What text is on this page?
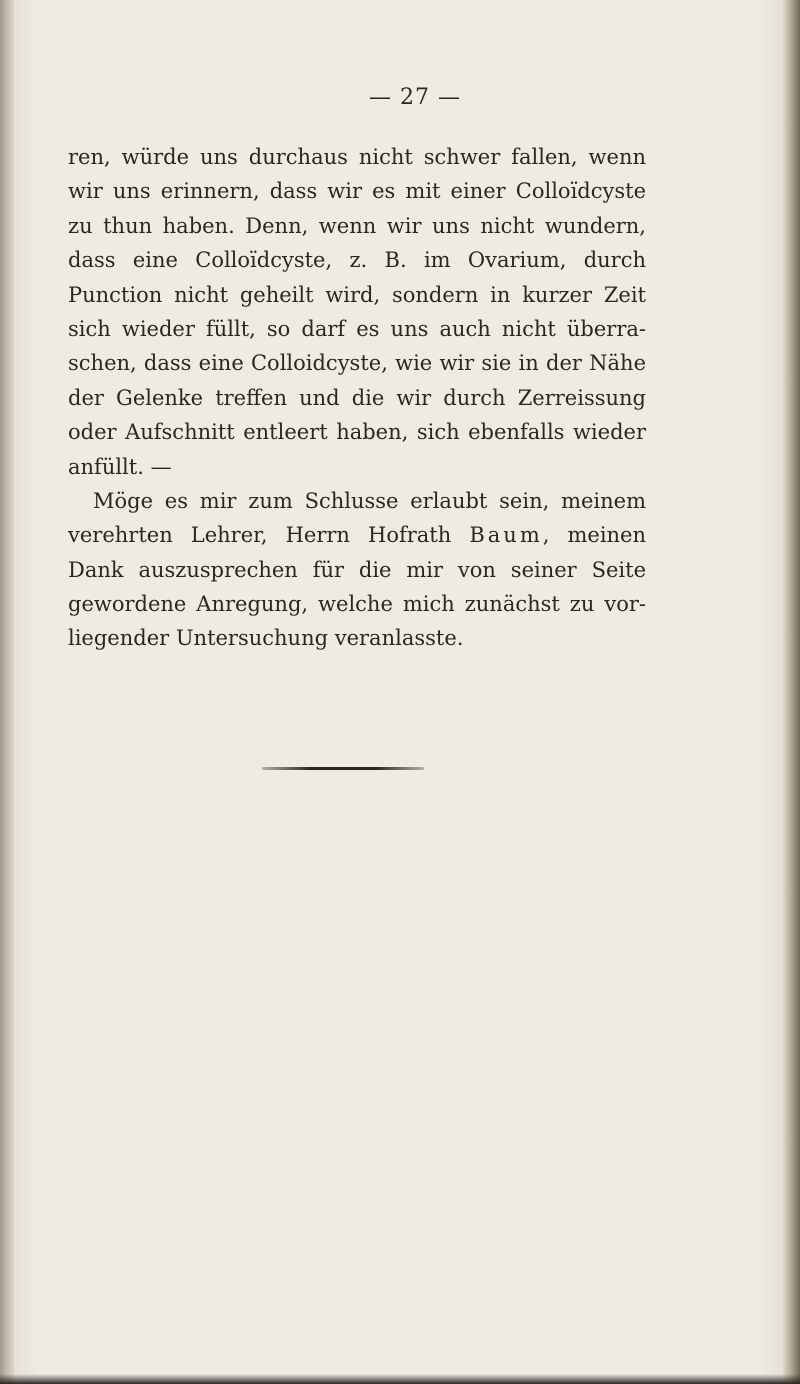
— 27 —
ren, würde uns durchaus nicht schwer fallen, wenn
wir uns erinnern, dass wir es mit einer Colloïdcyste
zu thun haben. Denn, wenn wir uns nicht wundern,
dass eine Colloïdcyste, z. B. im Ovarium, durch
Punction nicht geheilt wird, sondern in kurzer Zeit
sich wieder füllt, so darf es uns auch nicht überra-
schen, dass eine Colloidcyste, wie wir sie in der Nähe
der Gelenke treffen und die wir durch Zerreissung
oder Aufschnitt entleert haben, sich ebenfalls wieder
anfüllt. —
Möge es mir zum Schlusse erlaubt sein, meinem
verehrten Lehrer, Herrn Hofrath Baum, meinen
Dank auszusprechen für die mir von seiner Seite
gewordene Anregung, welche mich zunächst zu vor-
liegender Untersuchung veranlasste.
